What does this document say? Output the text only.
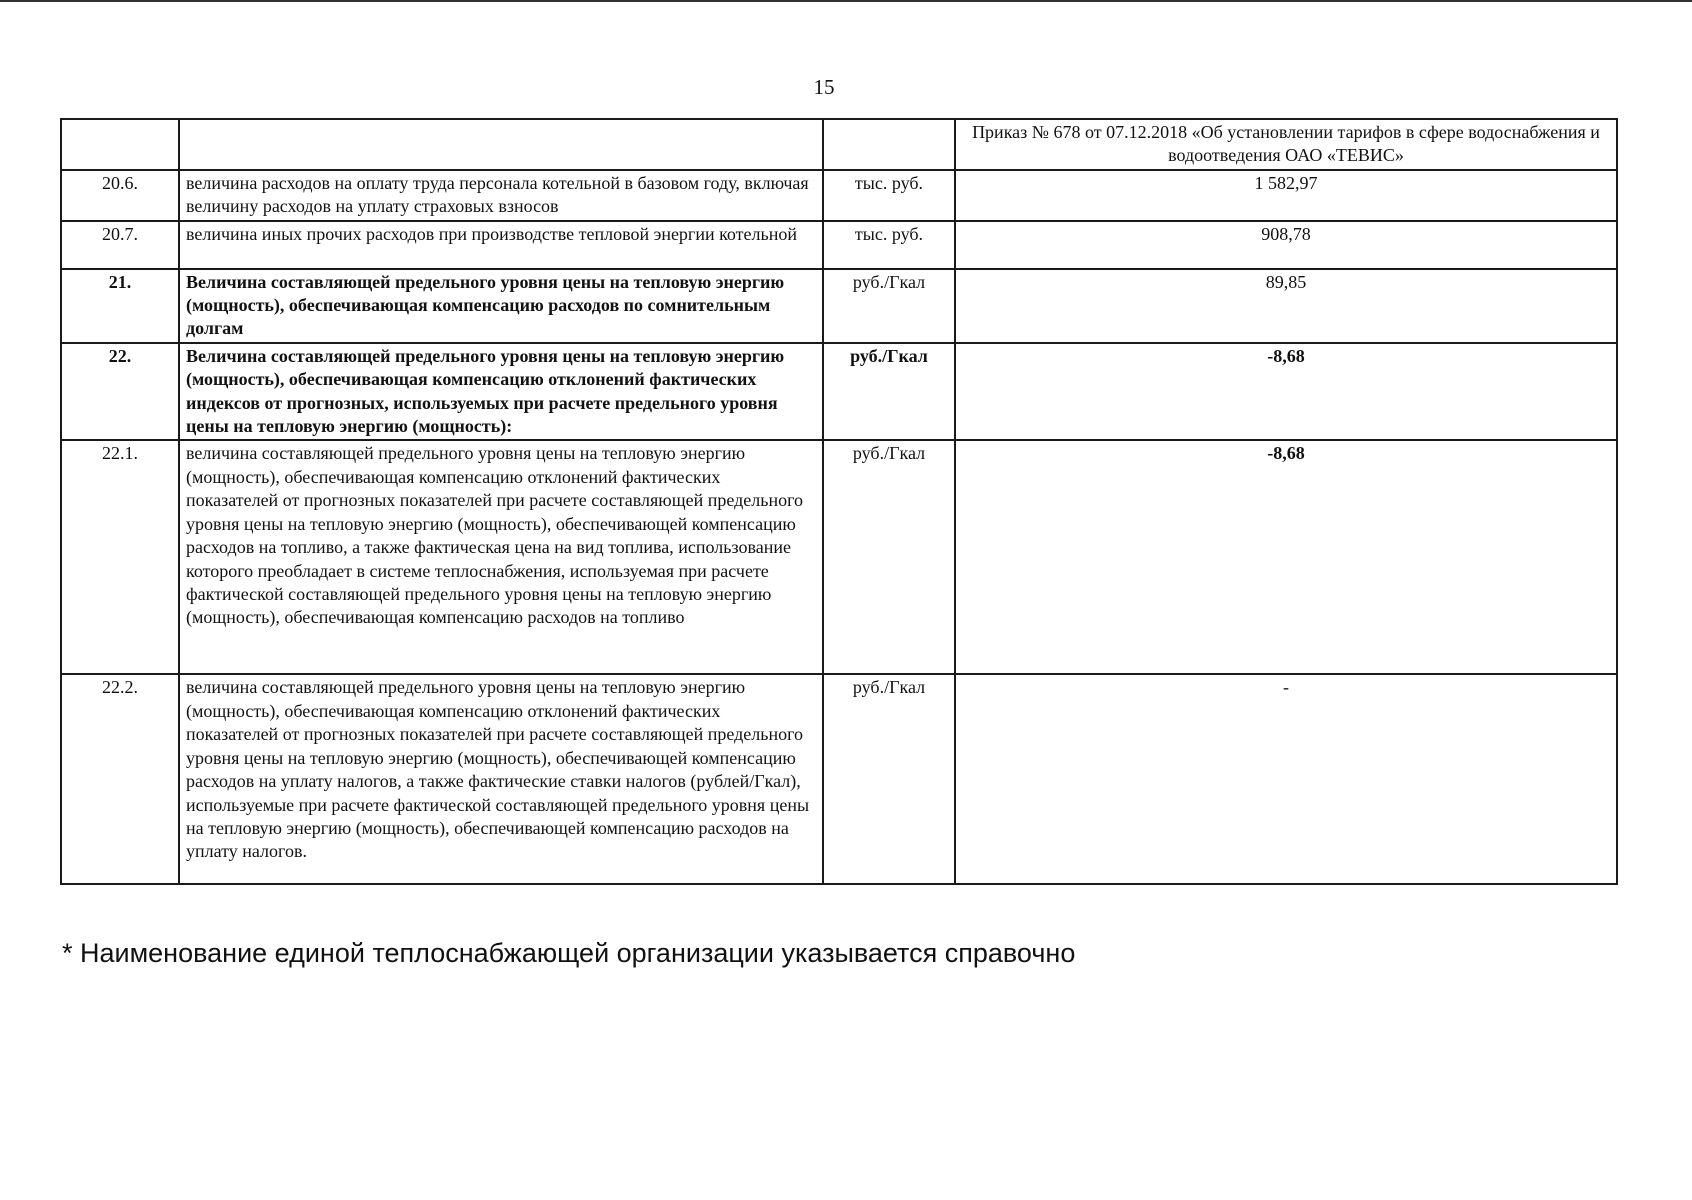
15
			Приказ № 678 от 07.12.2018 «Об установлении тарифов в сфере водоснабжения и водоотведения ОАО «ТЕВИС»
20.6.	величина расходов на оплату труда персонала котельной в базовом году, включая величину расходов на уплату страховых взносов	тыс. руб.	1 582,97
20.7.	величина иных прочих расходов при производстве тепловой энергии котельной	тыс. руб.	908,78
21.	Величина составляющей предельного уровня цены на тепловую энергию (мощность), обеспечивающая компенсацию расходов по сомнительным долгам	руб./Гкал	89,85
22.	Величина составляющей предельного уровня цены на тепловую энергию (мощность), обеспечивающая компенсацию отклонений фактических индексов от прогнозных, используемых при расчете предельного уровня цены на тепловую энергию (мощность):	руб./Гкал	-8,68
22.1.	величина составляющей предельного уровня цены на тепловую энергию (мощность), обеспечивающая компенсацию отклонений фактических показателей от прогнозных показателей при расчете составляющей предельного уровня цены на тепловую энергию (мощность), обеспечивающей компенсацию расходов на топливо, а также фактическая цена на вид топлива, использование которого преобладает в системе теплоснабжения, используемая при расчете фактической составляющей предельного уровня цены на тепловую энергию (мощность), обеспечивающая компенсацию расходов на топливо	руб./Гкал	-8,68
22.2.	величина составляющей предельного уровня цены на тепловую энергию (мощность), обеспечивающая компенсацию отклонений фактических показателей от прогнозных показателей при расчете составляющей предельного уровня цены на тепловую энергию (мощность), обеспечивающей компенсацию расходов на уплату налогов, а также фактические ставки налогов (рублей/Гкал), используемые при расчете фактической составляющей предельного уровня цены на тепловую энергию (мощность), обеспечивающей компенсацию расходов на уплату налогов.	руб./Гкал	-
* Наименование единой теплоснабжающей организации указывается справочно
